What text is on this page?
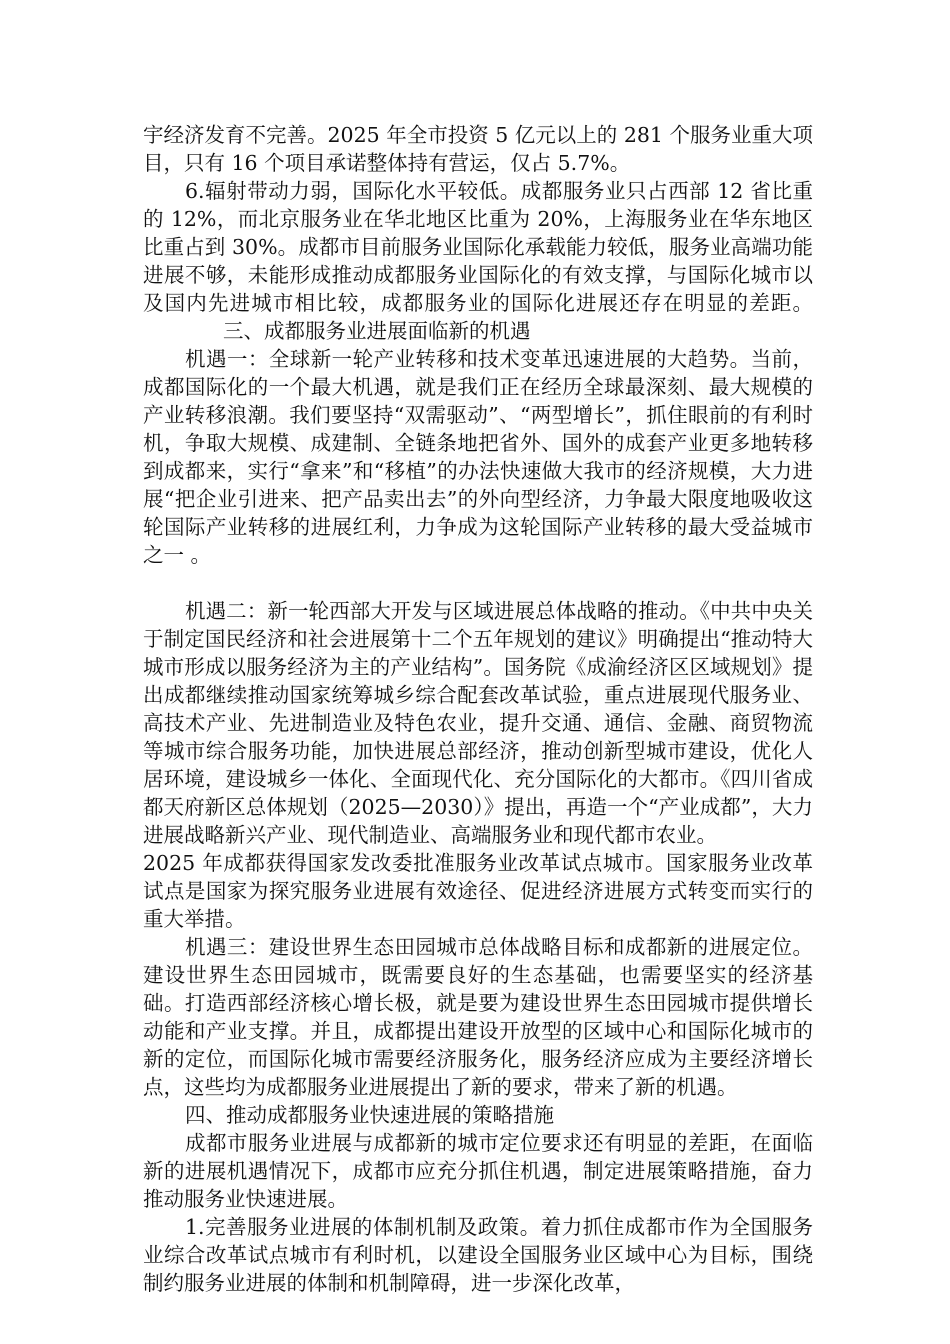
宇经济发育不完善。2025 年全市投资 5 亿元以上的 281 个服务业重大项目，只有 16 个项目承诺整体持有营运，仅占 5.7%。

6.辐射带动力弱，国际化水平较低。成都服务业只占西部 12 省比重的 12%，而北京服务业在华北地区比重为 20%，上海服务业在华东地区比重占到 30%。成都市目前服务业国际化承载能力较低，服务业高端功能进展不够，未能形成推动成都服务业国际化的有效支撑，与国际化城市以及国内先进城市相比较，成都服务业的国际化进展还存在明显的差距。三、成都服务业进展面临新的机遇

机遇一：全球新一轮产业转移和技术变革迅速进展的大趋势。当前，成都国际化的一个最大机遇，就是我们正在经历全球最深刻、最大规模的产业转移浪潮。我们要坚持“双需驱动”、“两型增长”，抓住眼前的有利时机，争取大规模、成建制、全链条地把省外、国外的成套产业更多地转移到成都来，实行“拿来”和“移植”的办法快速做大我市的经济规模，大力进展“把企业引进来、把产品卖出去”的外向型经济，力争最大限度地吸收这轮国际产业转移的进展红利，力争成为这轮国际产业转移的最大受益城市之一 。

机遇二：新一轮西部大开发与区域进展总体战略的推动。《中共中央关于制定国民经济和社会进展第十二个五年规划的建议》明确提出“推动特大城市形成以服务经济为主的产业结构”。国务院《成渝经济区区域规划》提出成都继续推动国家统筹城乡综合配套改革试验，重点进展现代服务业、高技术产业、先进制造业及特色农业，提升交通、通信、金融、商贸物流等城市综合服务功能，加快进展总部经济，推动创新型城市建设，优化人居环境，建设城乡一体化、全面现代化、充分国际化的大都市。《四川省成都天府新区总体规划（2025—2030）》提出，再造一个“产业成都”，大力进展战略新兴产业、现代制造业、高端服务业和现代都市农业。

2025 年成都获得国家发改委批准服务业改革试点城市。国家服务业改革试点是国家为探究服务业进展有效途径、促进经济进展方式转变而实行的重大举措。

机遇三：建设世界生态田园城市总体战略目标和成都新的进展定位。建设世界生态田园城市，既需要良好的生态基础，也需要坚实的经济基础。打造西部经济核心增长极，就是要为建设世界生态田园城市提供增长动能和产业支撑。并且，成都提出建设开放型的区域中心和国际化城市的新的定位，而国际化城市需要经济服务化，服务经济应成为主要经济增长点，这些均为成都服务业进展提出了新的要求，带来了新的机遇。

四、推动成都服务业快速进展的策略措施

成都市服务业进展与成都新的城市定位要求还有明显的差距，在面临新的进展机遇情况下，成都市应充分抓住机遇，制定进展策略措施，奋力推动服务业快速进展。

1.完善服务业进展的体制机制及政策。着力抓住成都市作为全国服务业综合改革试点城市有利时机，以建设全国服务业区域中心为目标，围绕制约服务业进展的体制和机制障碍，进一步深化改革，
